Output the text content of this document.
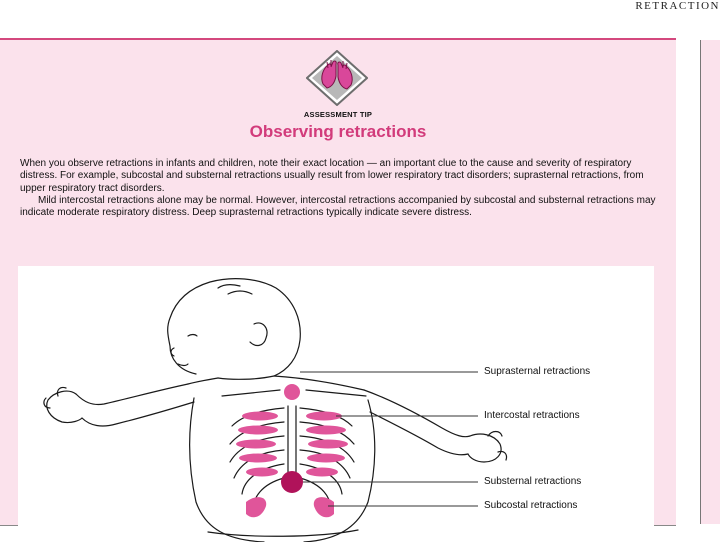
RETRACTION
ASSESSMENT TIP
Observing retractions

When you observe retractions in infants and children, note their exact location — an important clue to the cause and severity of respiratory distress. For example, subcostal and substernal retractions usually result from lower respiratory tract disorders; suprasternal retractions, from upper respiratory tract disorders.

Mild intercostal retractions alone may be normal. However, intercostal retractions accompanied by subcostal and substernal retractions may indicate moderate respiratory distress. Deep suprasternal retractions typically indicate severe distress.

Suprasternal retractions
Intercostal retractions
Substernal retractions
Subcostal retractions
